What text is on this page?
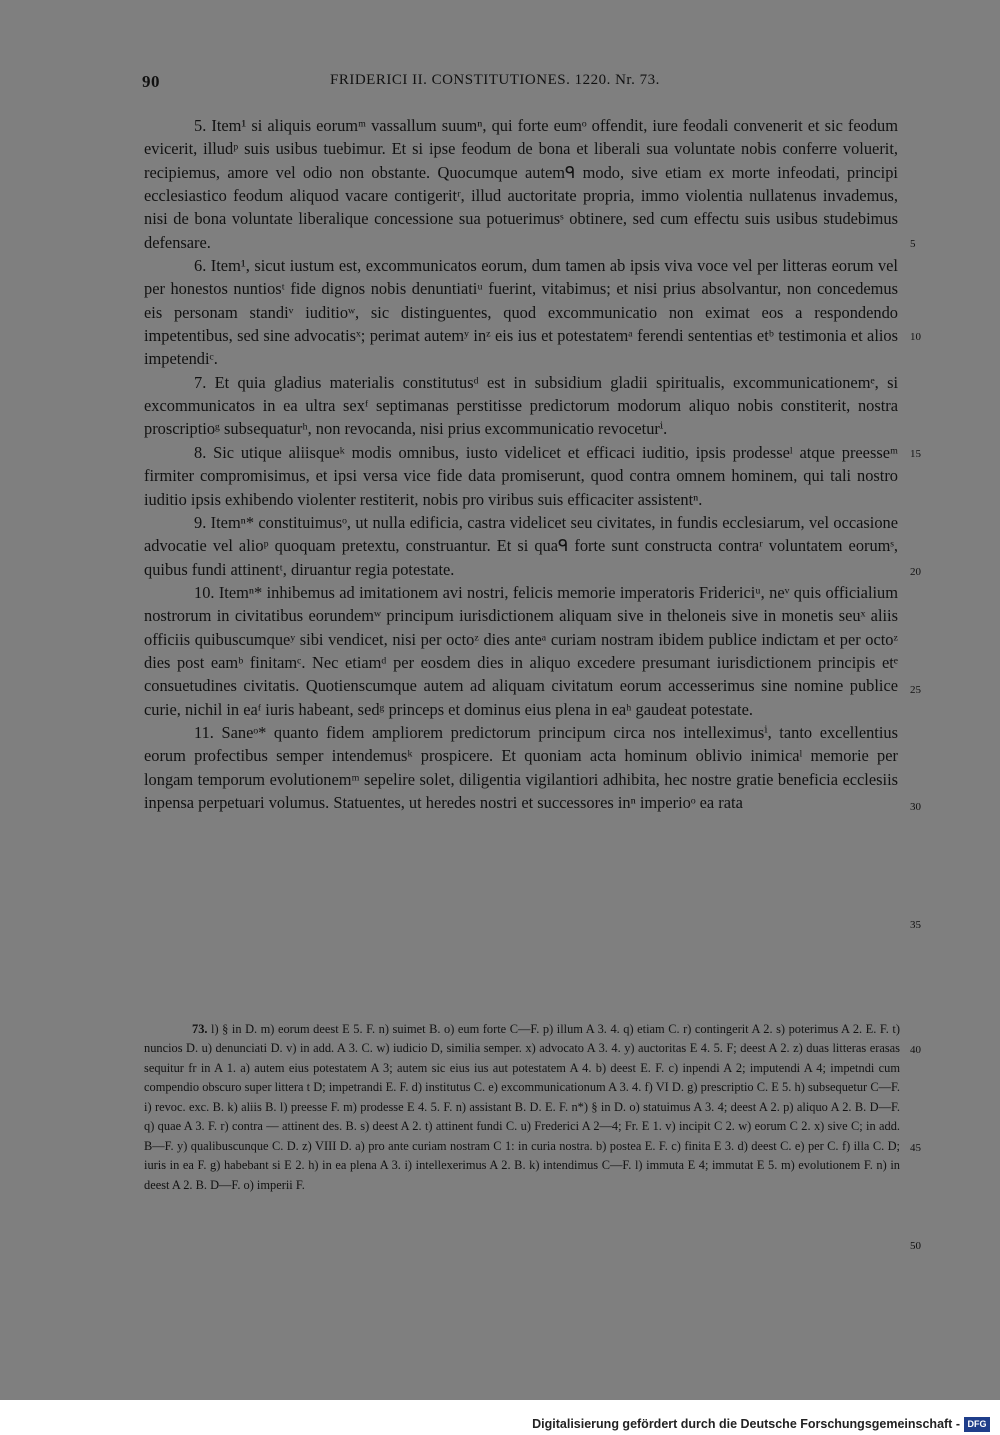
90	FRIDERICI II. CONSTITUTIONES. 1220. Nr. 73.

5. Item¹ si aliquis eorumᵐ vassallum suumⁿ, qui forte eumᵒ offendit, iure feodali convenerit et sic feodum evicerit, illudᵖ suis usibus tuebimur. Et si ipse feodum de bona et liberali sua voluntate nobis conferre voluerit, recipiemus, amore vel odio non obstante. Quocumque autemᑫ modo, sive etiam ex morte infeodati, principi ecclesiastico feodum aliquod vacare contigeritʳ, illud auctoritate propria, immo violentia nullatenus invademus, nisi de bona voluntate liberalique concessione sua potuerimusˢ obtinere, sed cum effectu suis usibus studebimus defensare.

6. Item¹, sicut iustum est, excommunicatos eorum, dum tamen ab ipsis viva voce vel per litteras eorum vel per honestos nuntiosᵗ fide dignos nobis denuntiatiᵘ fuerint, vitabimus; et nisi prius absolvantur, non concedemus eis personam standiᵛ iuditioʷ, sic distinguentes, quod excommunicatio non eximat eos a respondendo impetentibus, sed sine advocatisˣ; perimat autemʸ inᶻ eis ius et potestatemᵃ ferendi sententias etᵇ testimonia et alios impetendiᶜ.

7. Et quia gladius materialis constitutusᵈ est in subsidium gladii spiritualis, excommunicationemᵉ, si excommunicatos in ea ultra sexᶠ septimanas perstitisse predictorum modorum aliquo nobis constiterit, nostra proscriptioᵍ subsequaturʰ, non revocanda, nisi prius excommunicatio revoceturⁱ.

8. Sic utique aliisqueᵏ modis omnibus, iusto videlicet et efficaci iuditio, ipsis prodesseˡ atque preesseᵐ firmiter compromisimus, et ipsi versa vice fide data promiserunt, quod contra omnem hominem, qui tali nostro iuditio ipsis exhibendo violenter restiterit, nobis pro viribus suis efficaciter assistentⁿ.

9. Itemⁿ* constituimusᵒ, ut nulla edificia, castra videlicet seu civitates, in fundis ecclesiarum, vel occasione advocatie vel alioᵖ quoquam pretextu, construantur. Et si quaᑫ forte sunt constructa contraʳ voluntatem eorumˢ, quibus fundi attinentᵗ, diruantur regia potestate.

10. Itemⁿ* inhibemus ad imitationem avi nostri, felicis memorie imperatoris Fridericiᵘ, neᵛ quis officialium nostrorum in civitatibus eorundemʷ principum iurisdictionem aliquam sive in theloneis sive in monetis seuˣ aliis officiis quibuscumqueʸ sibi vendicet, nisi per octoᶻ dies anteᵃ curiam nostram ibidem publice indictam et per octoᶻ dies post eamᵇ finitamᶜ. Nec etiamᵈ per eosdem dies in aliquo excedere presumant iurisdictionem principis etᵉ consuetudines civitatis. Quotienscumque autem ad aliquam civitatum eorum accesserimus sine nomine publice curie, nichil in eaᶠ iuris habeant, sedᵍ princeps et dominus eius plena in eaʰ gaudeat potestate.

11. Saneᵒ* quanto fidem ampliorem predictorum principum circa nos intelleximusⁱ, tanto excellentius eorum profectibus semper intendemusᵏ prospicere. Et quoniam acta hominum oblivio inimicaˡ memorie per longam temporum evolutionemᵐ sepelire solet, diligentia vigilantiori adhibita, hec nostre gratie beneficia ecclesiis inpensa perpetuari volumus. Statuentes, ut heredes nostri et successores inⁿ imperioᵒ ea rata

5
10
15
20
25
30
35
40
45
50
73. l) § in D. m) eorum deest E 5. F. n) suimet B. o) eum forte C—F. p) illum A 3. 4. q) etiam C. r) contingerit A 2. s) poterimus A 2. E. F. t) nuncios D. u) denunciati D. v) in add. A 3. C. w) iudicio D, similia semper. x) advocato A 3. 4. y) auctoritas E 4. 5. F; deest A 2. z) duas litteras erasas sequitur fr in A 1. a) autem eius potestatem A 3; autem sic eius ius aut potestatem A 4. b) deest E. F. c) inpendi A 2; imputendi A 4; impetndi cum compendio obscuro super littera t D; impetrandi E. F. d) institutus C. e) excommunicationum A 3. 4. f) VI D. g) prescriptio C. E 5. h) subsequetur C—F. i) revoc. exc. B. k) aliis B. l) preesse F. m) prodesse E 4. 5. F. n) assistant B. D. E. F. n*) § in D. o) statuimus A 3. 4; deest A 2. p) aliquo A 2. B. D—F. q) quae A 3. F. r) contra — attinent des. B. s) deest A 2. t) attinent fundi C. u) Frederici A 2—4; Fr. E 1. v) incipit C 2. w) eorum C 2. x) sive C; in add. B—F. y) qualibuscunque C. D. z) VIII D. a) pro ante curiam nostram C 1: in curia nostra. b) postea E. F. c) finita E 3. d) deest C. e) per C. f) illa C. D; iuris in ea F. g) habebant si E 2. h) in ea plena A 3. i) intellexerimus A 2. B. k) intendimus C—F. l) immuta E 4; immutat E 5. m) evolutionem F. n) in deest A 2. B. D—F. o) imperii F.
Digitalisierung gefördert durch die Deutsche Forschungsgemeinschaft - DFG
